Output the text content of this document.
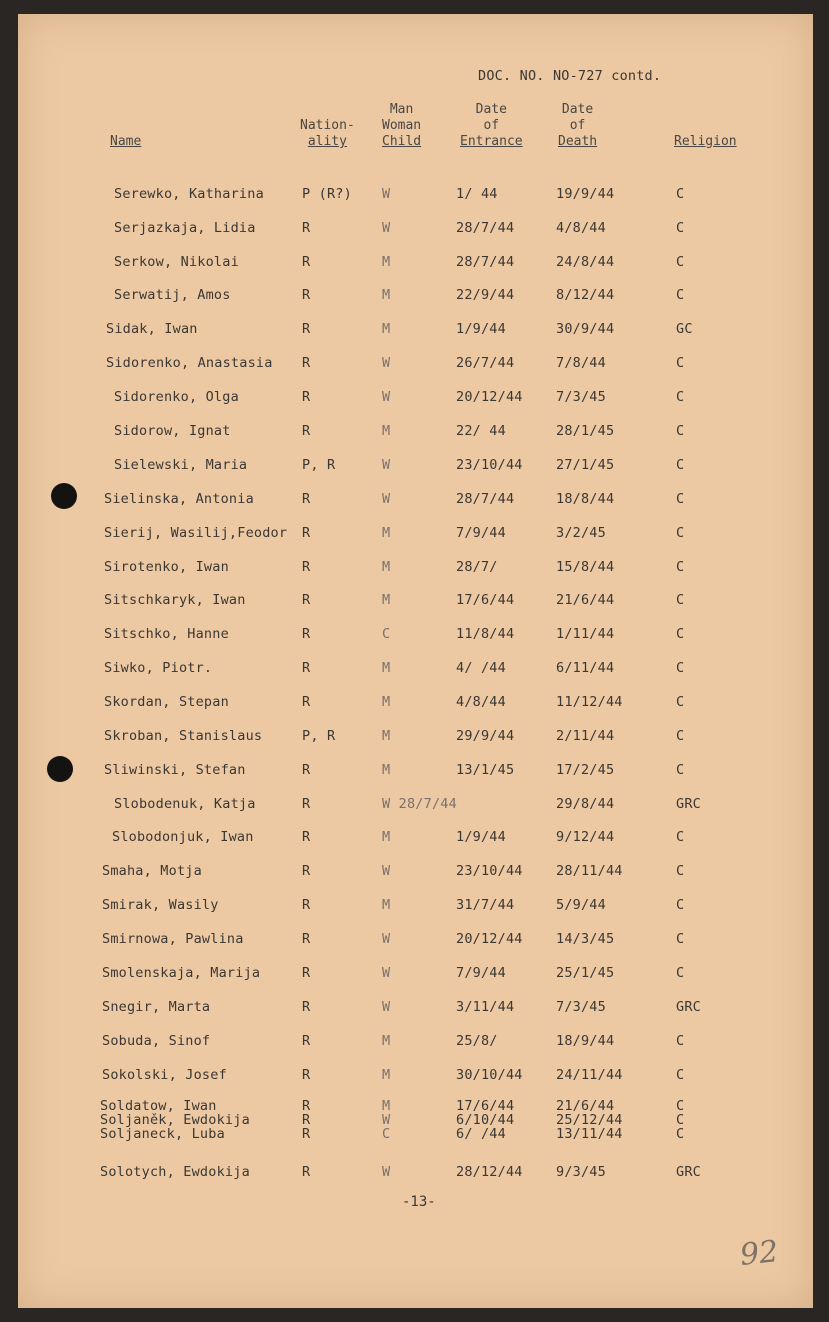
DOC. NO. NO-727 contd.
Name
Nation-
ality
Man
Woman
Child
Date
of
Entrance
Date
of
Death	Religion
Serewko, Katharina	P (R?) W	1/ 44	19/9/44	C
Serjazkaja, Lidia	R	W	28/7/44	4/8/44	C
Serkow, Nikolai	R	M	28/7/44	24/8/44	C
Serwatij, Amos	R	M	22/9/44	8/12/44	C
Sidak, Iwan	R	M	1/9/44	30/9/44	GC
Sidorenko, Anastasia R	W	26/7/44	7/8/44	C
Sidorenko, Olga	R	W	20/12/44 7/3/45	C
Sidorow, Ignat	R	M	22/ 44	28/1/45	C
Sielewski, Maria	P, R	W	23/10/44 27/1/45	C
Sielinska, Antonia	R	W	28/7/44	18/8/44	C
Sierij, Wasilij,Feodor R	M	7/9/44	3/2/45	C
Sirotenko, Iwan	R	M	28/7/	15/8/44	C
Sitschkaryk, Iwan	R	M	17/6/44	21/6/44	C
Sitschko, Hanne	R	C	11/8/44	1/11/44	C
Siwko, Piotr.	R	M	4/ /44	6/11/44	C
Skordan, Stepan	R	M	4/8/44	11/12/44	C
Skroban, Stanislaus	P, R	M	29/9/44	2/11/44	C
Sliwinski, Stefan	R	M	13/1/45	17/2/45	C
Slobodenuk, Katja	R	W 28/7/44	29/8/44	GRC
Slobodonjuk, Iwan	R	M	1/9/44	9/12/44	C
Smaha, Motja	R	W	23/10/44 28/11/44	C
Smirak, Wasily	R	M	31/7/44	5/9/44	C
Smirnowa, Pawlina	R	W	20/12/44 14/3/45	C
Smolenskaja, Marija	R	W	7/9/44	25/1/45	C
Snegir, Marta	R	W	3/11/44	7/3/45	GRC
Sobuda, Sinof	R	M	25/8/	18/9/44	C
Sokolski, Josef	R	M	30/10/44 24/11/44	C
Soldatow, Iwan	R	M	17/6/44	21/6/44	C
Soljaněk, Ewdokija	R	W	6/10/44	25/12/44	C
Soljaneck, Luba	R	C	6/ /44	13/11/44	C
Solotych, Ewdokija	R	W	28/12/44 9/3/45	GRC
-13-
92
